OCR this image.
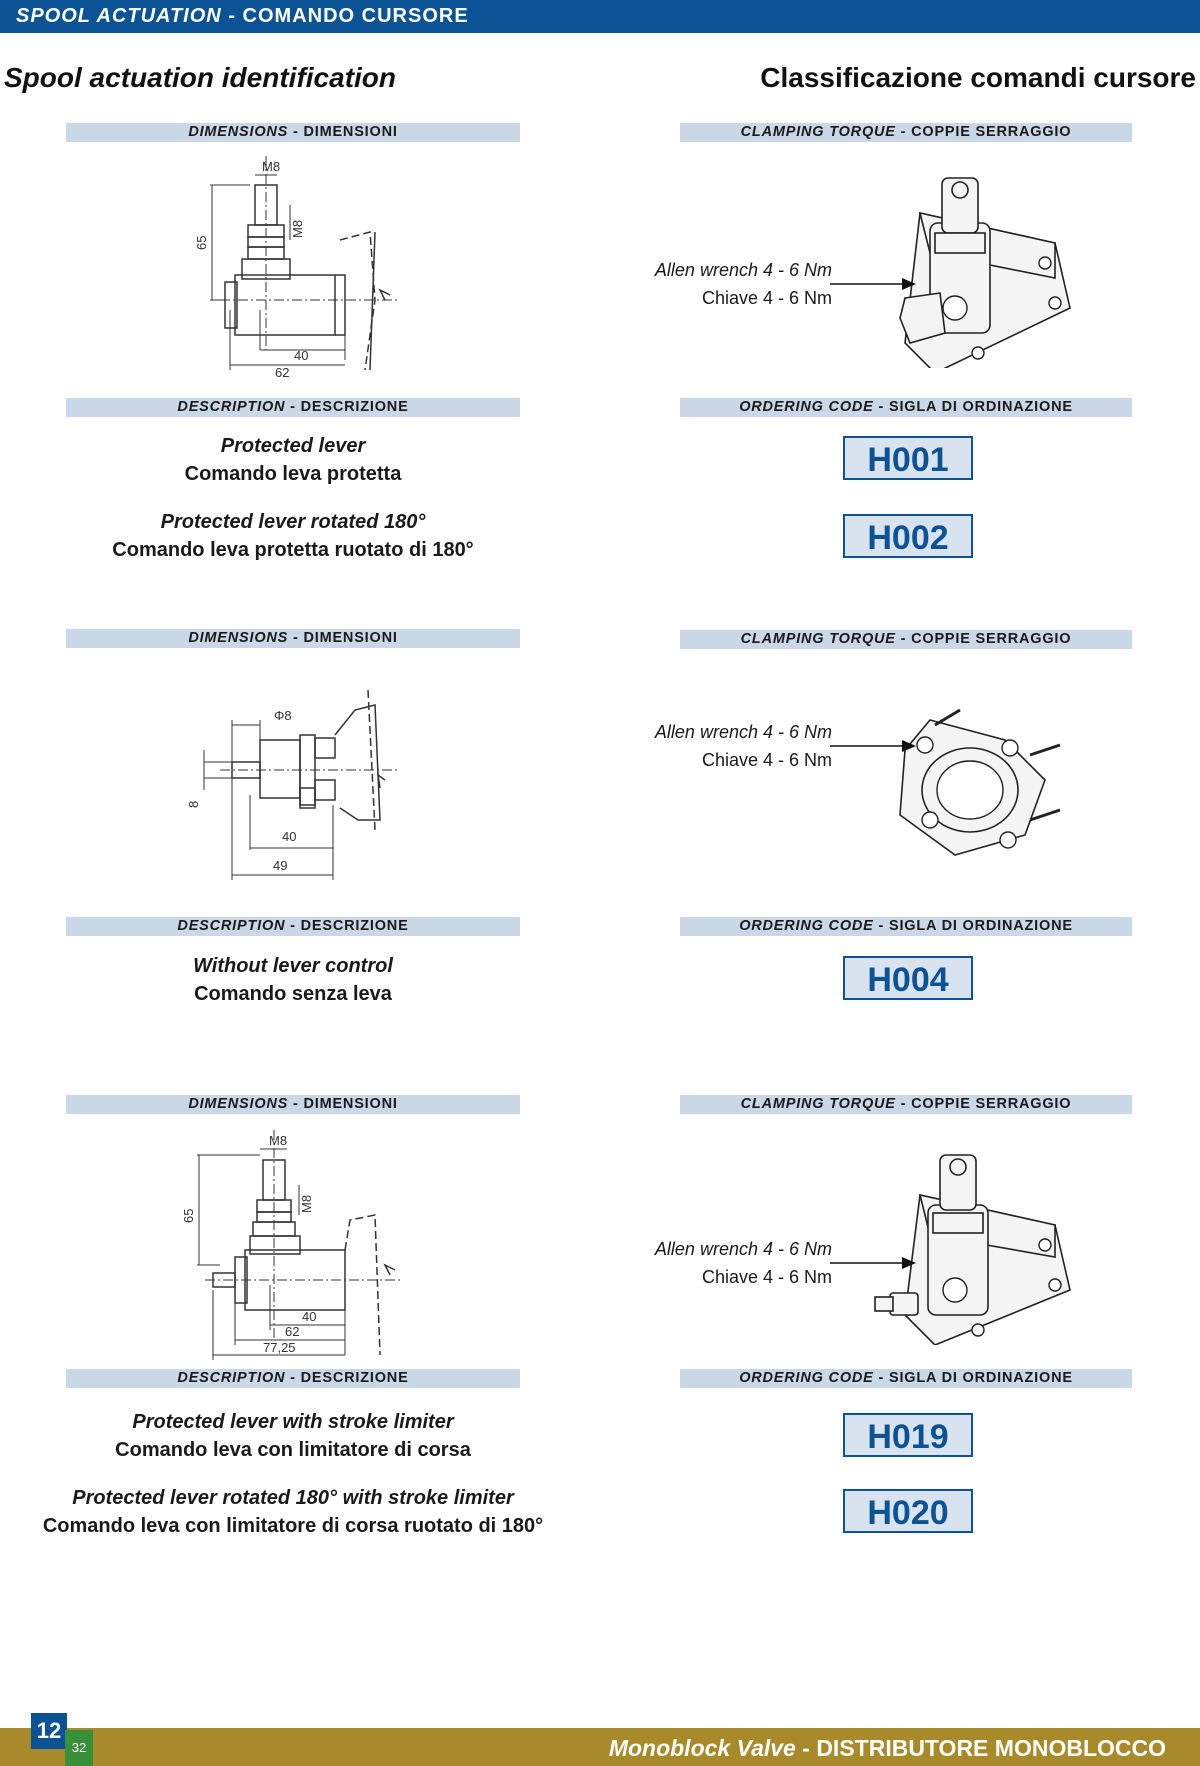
SPOOL ACTUATION - COMANDO CURSORE
Spool actuation identification	Classificazione comandi cursore
DIMENSIONS - DIMENSIONI	CLAMPING TORQUE - COPPIE SERRAGGIO
M8
M8
65
40
62
Allen wrench 4 - 6 Nm
Chiave 4 - 6 Nm
DESCRIPTION - DESCRIZIONE	ORDERING CODE - SIGLA DI ORDINAZIONE
Protected lever
Comando leva protetta
Protected lever rotated 180°
Comando leva protetta ruotato di 180°
H001
H002
DIMENSIONS - DIMENSIONI	CLAMPING TORQUE - COPPIE SERRAGGIO
Φ8
8
40
49
Allen wrench 4 - 6 Nm
Chiave 4 - 6 Nm
DESCRIPTION - DESCRIZIONE	ORDERING CODE - SIGLA DI ORDINAZIONE
Without lever control
Comando senza leva	H004
DIMENSIONS - DIMENSIONI	CLAMPING TORQUE - COPPIE SERRAGGIO
M8
M8
65
40
62
77,25
Allen wrench 4 - 6 Nm
Chiave 4 - 6 Nm
DESCRIPTION - DESCRIZIONE	ORDERING CODE - SIGLA DI ORDINAZIONE
Protected lever with stroke limiter
Comando leva con limitatore di corsa
Protected lever rotated 180° with stroke limiter
Comando leva con limitatore di corsa ruotato di 180°
H019
H020
Monoblock Valve - DISTRIBUTORE MONOBLOCCO
12
32
